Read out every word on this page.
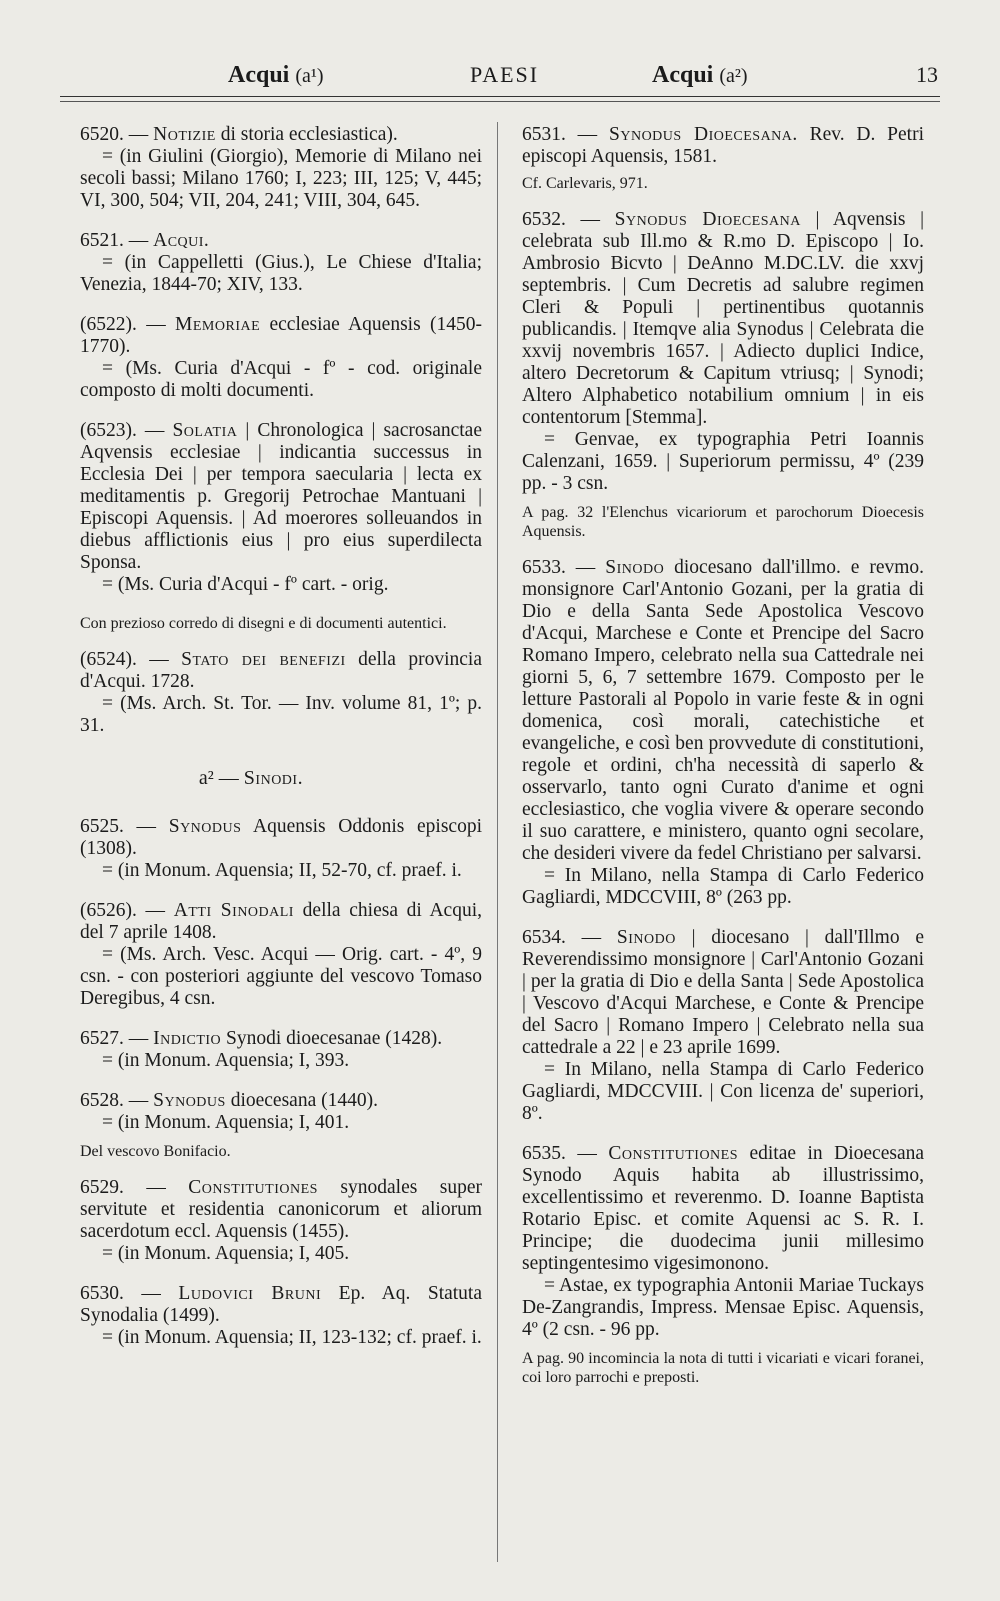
Acqui (a¹)	PAESI	Acqui (a²)	13

6520. — Notizie di storia ecclesiastica).

= (in Giulini (Giorgio), Memorie di Milano nei secoli bassi; Milano 1760; I, 223; III, 125; V, 445; VI, 300, 504; VII, 204, 241; VIII, 304, 645.

6521. — Acqui.

= (in Cappelletti (Gius.), Le Chiese d'Italia; Venezia, 1844-70; XIV, 133.

(6522). — Memoriae ecclesiae Aquensis (1450-1770).

= (Ms. Curia d'Acqui - fº - cod. originale composto di molti documenti.

(6523). — Solatia | Chronologica | sacrosanctae Aqvensis ecclesiae | indicantia successus in Ecclesia Dei | per tempora saecularia | lecta ex meditamentis p. Gregorij Petrochae Mantuani | Episcopi Aquensis. | Ad moerores solleuandos in diebus afflictionis eius | pro eius superdilecta Sponsa.

= (Ms. Curia d'Acqui - fº cart. - orig.

Con prezioso corredo di disegni e di documenti autentici.

(6524). — Stato dei benefizi della provincia d'Acqui. 1728.

= (Ms. Arch. St. Tor. — Inv. volume 81, 1º; p. 31.

a² — Sinodi.

6525. — Synodus Aquensis Oddonis episcopi (1308).

= (in Monum. Aquensia; II, 52-70, cf. praef. i.

(6526). — Atti Sinodali della chiesa di Acqui, del 7 aprile 1408.

= (Ms. Arch. Vesc. Acqui — Orig. cart. - 4º, 9 csn. - con posteriori aggiunte del vescovo Tomaso Deregibus, 4 csn.

6527. — Indictio Synodi dioecesanae (1428).

= (in Monum. Aquensia; I, 393.

6528. — Synodus dioecesana (1440).

= (in Monum. Aquensia; I, 401.

Del vescovo Bonifacio.

6529. — Constitutiones synodales super servitute et residentia canonicorum et aliorum sacerdotum eccl. Aquensis (1455).

= (in Monum. Aquensia; I, 405.

6530. — Ludovici Bruni Ep. Aq. Statuta Synodalia (1499).

= (in Monum. Aquensia; II, 123-132; cf. praef. i.

6531. — Synodus Dioecesana. Rev. D. Petri episcopi Aquensis, 1581.

Cf. Carlevaris, 971.

6532. — Synodus Dioecesana | Aqvensis | celebrata sub Ill.mo & R.mo D. Episcopo | Io. Ambrosio Bicvto | DeAnno M.DC.LV. die xxvj septembris. | Cum Decretis ad salubre regimen Cleri & Populi | pertinentibus quotannis publicandis. | Itemqve alia Synodus | Celebrata die xxvij novembris 1657. | Adiecto duplici Indice, altero Decretorum & Capitum vtriusq; | Synodi; Altero Alphabetico notabilium omnium | in eis contentorum [Stemma].

= Genvae, ex typographia Petri Ioannis Calenzani, 1659. | Superiorum permissu, 4º (239 pp. - 3 csn.

A pag. 32 l'Elenchus vicariorum et parochorum Dioecesis Aquensis.

6533. — Sinodo diocesano dall'illmo. e revmo. monsignore Carl'Antonio Gozani, per la gratia di Dio e della Santa Sede Apostolica Vescovo d'Acqui, Marchese e Conte et Prencipe del Sacro Romano Impero, celebrato nella sua Cattedrale nei giorni 5, 6, 7 settembre 1679. Composto per le letture Pastorali al Popolo in varie feste & in ogni domenica, così morali, catechistiche et evangeliche, e così ben provvedute di constitutioni, regole et ordini, ch'ha necessità di saperlo & osservarlo, tanto ogni Curato d'anime et ogni ecclesiastico, che voglia vivere & operare secondo il suo carattere, e ministero, quanto ogni secolare, che desideri vivere da fedel Christiano per salvarsi.

= In Milano, nella Stampa di Carlo Federico Gagliardi, MDCCVIII, 8º (263 pp.

6534. — Sinodo | diocesano | dall'Illmo e Reverendissimo monsignore | Carl'Antonio Gozani | per la gratia di Dio e della Santa | Sede Apostolica | Vescovo d'Acqui Marchese, e Conte & Prencipe del Sacro | Romano Impero | Celebrato nella sua cattedrale a 22 | e 23 aprile 1699.

= In Milano, nella Stampa di Carlo Federico Gagliardi, MDCCVIII. | Con licenza de' superiori, 8º.

6535. — Constitutiones editae in Dioecesana Synodo Aquis habita ab illustrissimo, excellentissimo et reverenmo. D. Ioanne Baptista Rotario Episc. et comite Aquensi ac S. R. I. Principe; die duodecima junii millesimo septingentesimo vigesimonono.

= Astae, ex typographia Antonii Mariae Tuckays De-Zangrandis, Impress. Mensae Episc. Aquensis, 4º (2 csn. - 96 pp.

A pag. 90 incomincia la nota di tutti i vicariati e vicari foranei, coi loro parrochi e preposti.
